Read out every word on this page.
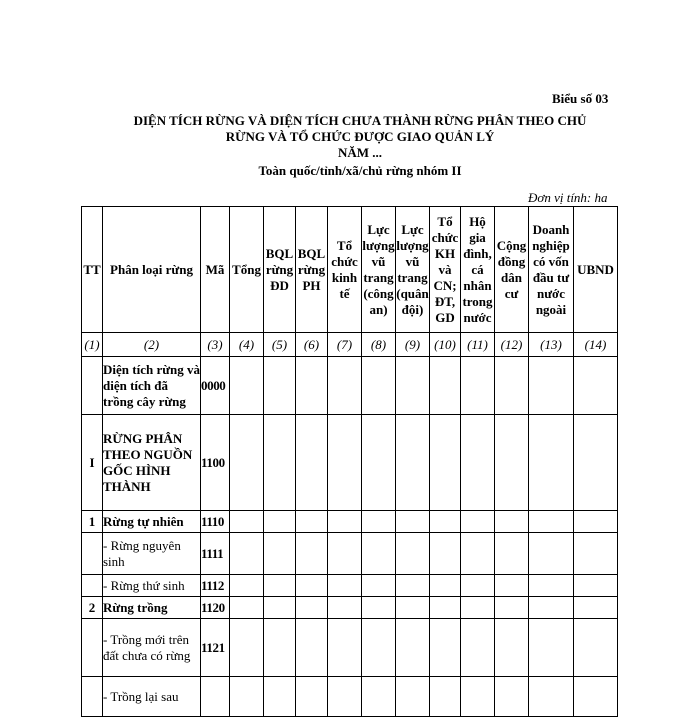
Biểu số 03
DIỆN TÍCH RỪNG VÀ DIỆN TÍCH CHƯA THÀNH RỪNG PHÂN THEO CHỦ
RỪNG VÀ TỔ CHỨC ĐƯỢC GIAO QUẢN LÝ
NĂM ...
Toàn quốc/tỉnh/xã/chủ rừng nhóm II
Đơn vị tính: ha
TT	Phân loại rừng	Mã	Tổng	BQL rừng ĐD	BQL rừng PH	Tổ chức kinh tế	Lực lượng vũ trang (công an)	Lực lượng vũ trang (quân đội)	Tổ chức KH và CN; ĐT, GD	Hộ gia đình, cá nhân trong nước	Cộng đồng dân cư	Doanh nghiệp có vốn đầu tư nước ngoài	UBND
(1)	(2)	(3)	(4)	(5)	(6)	(7)	(8)	(9)	(10)	(11)	(12)	(13)	(14)
	Diện tích rừng và diện tích đã trồng cây rừng	0000											
I	RỪNG PHÂN THEO NGUỒN GỐC HÌNH THÀNH	1100											
1	Rừng tự nhiên	1110											
	- Rừng nguyên sinh	1111											
	- Rừng thứ sinh	1112											
2	Rừng trồng	1120											
	- Trồng mới trên đất chưa có rừng	1121											
	- Trồng lại sau												
